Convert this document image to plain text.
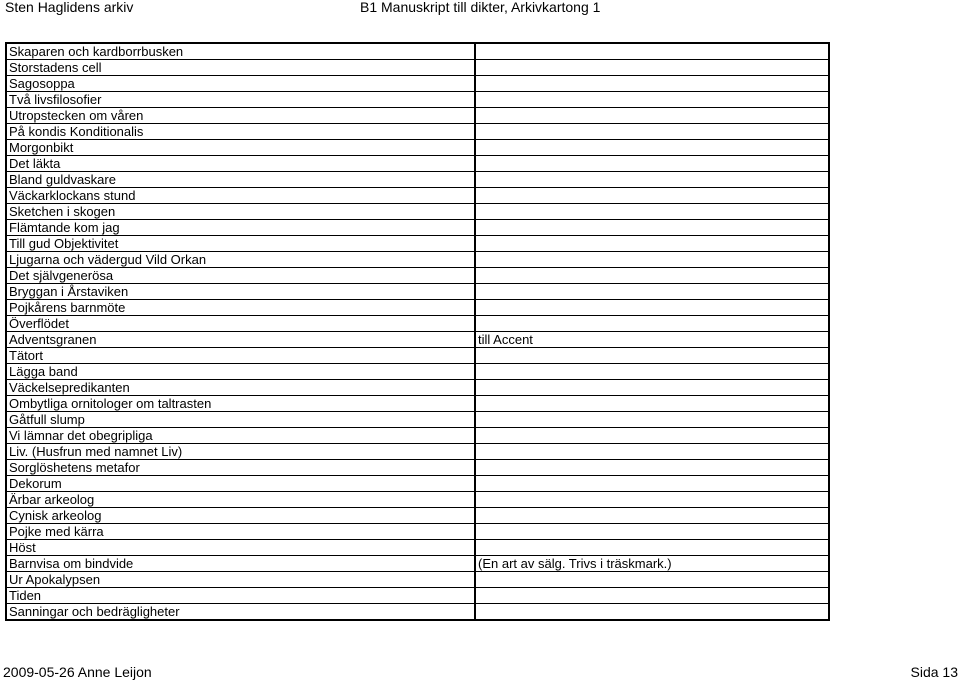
Sten Haglidens arkiv	B1 Manuskript till dikter, Arkivkartong 1
Skaparen och kardborrbusken	
Storstadens cell	
Sagosoppa	
Två livsfilosofier	
Utropstecken om våren	
På kondis Konditionalis	
Morgonbikt	
Det läkta	
Bland guldvaskare	
Väckarklockans stund	
Sketchen i skogen	
Flämtande kom jag	
Till gud Objektivitet	
Ljugarna och vädergud Vild Orkan	
Det självgenerösa	
Bryggan i Årstaviken	
Pojkårens barnmöte	
Överflödet	
Adventsgranen	till Accent
Tätort	
Lägga band	
Väckelsepredikanten	
Ombytliga ornitologer om taltrasten	
Gåtfull slump	
Vi lämnar det obegripliga	
Liv. (Husfrun med namnet Liv)	
Sorglöshetens metafor	
Dekorum	
Ärbar arkeolog	
Cynisk arkeolog	
Pojke med kärra	
Höst	
Barnvisa om bindvide	(En art av sälg. Trivs i träskmark.)
Ur Apokalypsen	
Tiden	
Sanningar och bedrägligheter	
2009-05-26 Anne Leijon	Sida 13
